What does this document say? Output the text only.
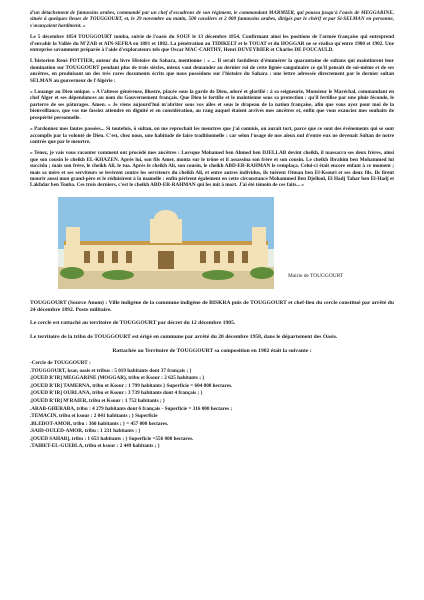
d'un détachement de fantassins arabes, commandé par un chef d'escadrons de son régiment, le commandant MARMIER, qui poussa jusqu'à l'oasis de MEGGARINE, située à quelques lieues de TOUGGOURT, et, le 29 novembre au matin, 500 cavaliers et 2 000 fantassins arabes, dirigés par le chérif et par Si-SELMAN en personne, s'avançaient hardiment. »

Le 5 décembre 1854 TOUGGOURT tomba, suivie de l'oasis du SOUF le 13 décembre 1854. Confirmant ainsi les positions de l'armée française qui entreprend d'envahir la Vallée du M'ZAB et AIN-SEFRA en 1881 et 1882. La pénétration au TIDIKELT et le TOUAT et du HOGGAR ne se réalisa qu'entre 1900 et 1902. Une entreprise savamment préparée à l'aide d'explorateurs tels que Oscar MAC-CARTHY, Henri DUVEYRIER et Charles DE FOUCAULD.

L'historien René POTTIER, auteur du livre Histoire du Sahara, mentionne : « ... Il serait fastidieux d'énumérer la quarantaine de sultans qui maintinrent leur domination sur TOUGGOURT pendant plus de trois siècles, mieux vaut demander au dernier roi de cette lignée sanguinaire ce qu'il pensait de soi-même et de ses ancêtres, en produisant un des très rares documents écrits que nous possédons sur l'histoire du Sahara : une lettre adressée directement par le dernier sultan SELMAN au gouverneur de l'Algérie :

« Louange au Dieu unique. « A l'altesse généreuse, illustre, placée sous la garde de Dieu, adoré et glorifié : à sa seigneurie, Monsieur le Maréchal, commandant en chef Alger et ses dépendances au nom du Gouvernement français. Que Dieu le fortifie et le maintienne sous sa protection : qu'il fertilise par une pluie féconde, le parterre de ses pâturages. Amen. « Je viens aujourd'hui m'abriter sous vos ailes et sous le drapeau de la nation française, afin que vous ayez pour moi de la bienveillance, que vos me fassiez attendre en dignité et en considération, au rang auquel étaient arrivés mes ancêtres et, enfin que vous exauciez mes souhaits de prospérité personnelle.

« Pardonnez mes fautes passées... Si toutefois, ô sultan, on me reprochait les meurtres que j'ai commis, on aurait tort, parce que ce sont des événements qui se sont accomplis par la volonté de Dieu. C'est, chez nous, une habitude de faire traditionnelle : car selon l'usage de nos aïeux nul d'entre eux ne devenait Sultan de notre contrée que par le meurtre.

« Tenez, je vais vous raconter comment ont procédé mes ancêtres : Lorsque Mohamed ben Ahmed ben DJELLAB devint cheikh, il massacra ses deux frères, ainsi que son cousin le cheikh EL-KHAZEN. Après lui, son fils Amer, monta sur le trône et il assassina son frère et son cousin. Le cheikh Ibrahim ben Mohammed lui succéda ; mais son frère, le cheikh Ali, le tua. Après le cheikh Ali, son cousin, le cheikh ABD-ER-RAHMAN le remplaça. Celui-ci était encore enfant à ce moment ; mais sa mère et ses serviteurs se levèrent contre les serviteurs du cheikh Ali, et entre autres individus, ils tuèrent Otman ben El-Ksouri et ses deux fils. Ils firent mourir aussi mon grand-père et le réduisirent à la mamelle : enfin périrent également en cette circonstance Mohammed Ben Djelloul, El Hadj Tahar ben El-Hadj et Lakhdar ben Touba. Ces trois derniers, c'est le cheikh ABD-ER-RAHMAN qui les mit à mort. J'ai été témoin de ces faits... »

Mairie de TOUGGOURT

TOUGGOURT (Source Anom) : Ville indigène de la commune indigène de BISKRA puis de TOUGGOURT et chef-lieu du cercle constitué par arrêté du 24 décembre 1892. Poste militaire.

Le cercle est rattaché au territoire de TOUGGOURT par décret du 12 décembre 1905.

Le territoire de la tribu de TOUGGOURT est érigé en commune par arrêté du 20 décembre 1958, dans le département des Oasis.

Rattachée au Territoire de TOUGGOURT sa composition en 1902 était la suivante :
-Cercle de TOUGGOURT :
.TOUGGOURT, ksar, oasis et tribus : 5 019 habitants dont 37 français ; }
.[OUED R'IR] MEGGARINE (MOGGAR), tribu et Ksour : 2 625 habitants ; }
.[OUED R'IR] TAMERNA, tribu et Ksour : 1 799 habitants } Superficie = 604 800 hectares.
.[OUED R'IR] OURLANA, tribu et Ksour : 3 739 habitants dont 4 français ; }
.[OUED R'IR] M'RAIER, tribu et Ksour : 1 752 habitants ; }
.ARAB-GHERABA, tribu : 4 279 habitants dont 6 français - Superficie = 316 000 hectares ;
.TEMACIN, tribu et ksour : 2 041 habitants ; } Superficie
.BLEDOT-AMOR, tribu : 360 habitants ; } = 457 000 hectares.
.SAID-OULED-AMOR, tribu : 1 231 habitants ; }
.[OUED SAHAR], tribu : 1 653 habitants ; } Superficie =556 000 hectares.
.TAIBET-EL-GUEBLA, tribu et ksour : 2 449 habitants ; }
